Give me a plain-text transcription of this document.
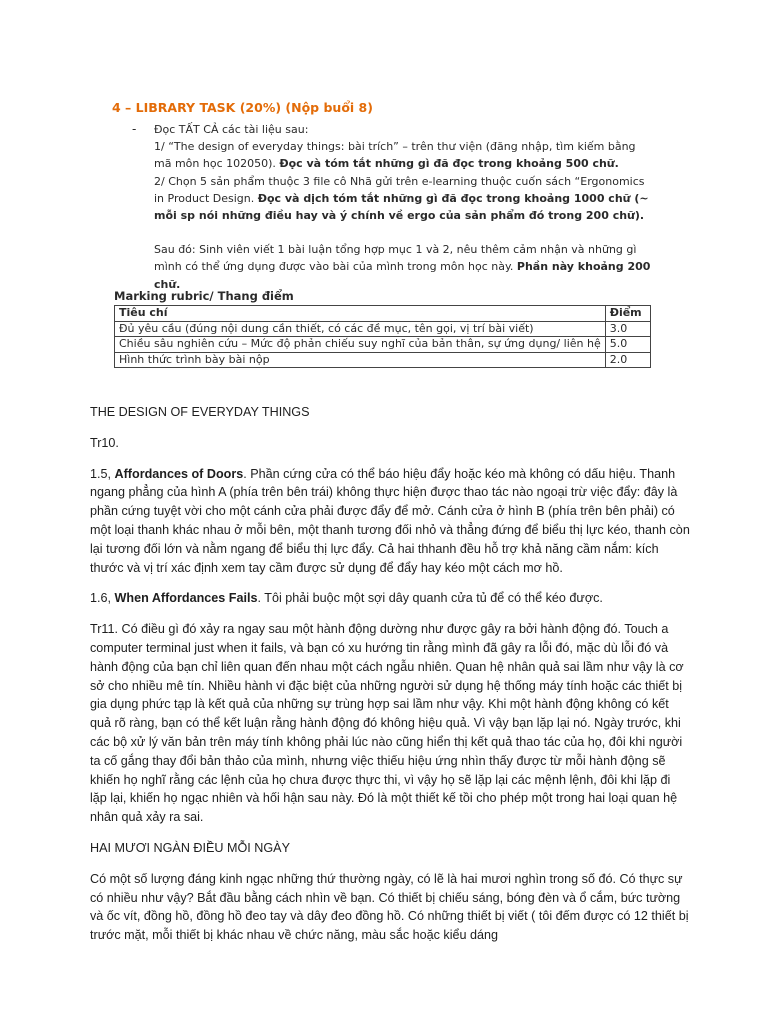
4 – LIBRARY TASK (20%) (Nộp buổi 8)

-	Đọc TẤT CẢ các tài liệu sau:

1/ “The design of everyday things: bài trích” – trên thư viện (đăng nhập, tìm kiếm bằng mã môn học 102050). Đọc và tóm tắt những gì đã đọc trong khoảng 500 chữ.

2/ Chọn 5 sản phẩm thuộc 3 file cô Nhã gửi trên e-learning thuộc cuốn sách “Ergonomics in Product Design. Đọc và dịch tóm tắt những gì đã đọc trong khoảng 1000 chữ (~ mỗi sp nói những điều hay và ý chính về ergo của sản phẩm đó trong 200 chữ).

Sau đó: Sinh viên viết 1 bài luận tổng hợp mục 1 và 2, nêu thêm cảm nhận và những gì mình có thể ứng dụng được vào bài của mình trong môn học này. Phần này khoảng 200 chữ.

Marking rubric/ Thang điểm
Tiêu chí	Điểm
Đủ yêu cầu (đúng nội dung cần thiết, có các đề mục, tên gọi, vị trí bài viết)	3.0
Chiều sâu nghiên cứu – Mức độ phản chiếu suy nghĩ của bản thân, sự ứng dụng/ liên hệ	5.0
Hình thức trình bày bài nộp	2.0

THE DESIGN OF EVERYDAY THINGS

Tr10.

1.5, Affordances of Doors. Phần cứng cửa có thể báo hiệu đẩy hoặc kéo mà không có dấu hiệu. Thanh ngang phẳng của hình A (phía trên bên trái) không thực hiện được thao tác nào ngoại trừ việc đẩy: đây là phần cứng tuyệt vời cho một cánh cửa phải được đẩy để mở. Cánh cửa ở hình B (phía trên bên phải) có một loại thanh khác nhau ở mỗi bên, một thanh tương đối nhỏ và thẳng đứng để biểu thị lực kéo, thanh còn lại tương đối lớn và nằm ngang để biểu thị lực đẩy. Cả hai thhanh đều hỗ trợ khả năng cầm nắm: kích thước và vị trí xác định xem tay cầm được sử dụng để đẩy hay kéo một cách mơ hồ.

1.6, When Affordances Fails. Tôi phải buộc một sợi dây quanh cửa tủ để có thể kéo được.

Tr11. Có điều gì đó xảy ra ngay sau một hành động dường như được gây ra bởi hành động đó. Touch a computer terminal just when it fails, và bạn có xu hướng tin rằng mình đã gây ra lỗi đó, mặc dù lỗi đó và hành động của bạn chỉ liên quan đến nhau một cách ngẫu nhiên. Quan hệ nhân quả sai lầm như vậy là cơ sở cho nhiều mê tín. Nhiều hành vi đặc biệt của những người sử dụng hệ thống máy tính hoặc các thiết bị gia dụng phức tạp là kết quả của những sự trùng hợp sai lầm như vậy. Khi một hành động không có kết quả rõ ràng, bạn có thể kết luận rằng hành động đó không hiệu quả. Vì vậy bạn lặp lại nó. Ngày trước, khi các bộ xử lý văn bản trên máy tính không phải lúc nào cũng hiển thị kết quả thao tác của họ, đôi khi người ta cố gắng thay đổi bản thảo của mình, nhưng việc thiếu hiệu ứng nhìn thấy được từ mỗi hành động sẽ khiến họ nghĩ rằng các lệnh của họ chưa được thực thi, vì vậy họ sẽ lặp lại các mệnh lệnh, đôi khi lặp đi lặp lại, khiến họ ngạc nhiên và hối hận sau này. Đó là một thiết kế tồi cho phép một trong hai loại quan hệ nhân quả xảy ra sai.

HAI MƯƠI NGÀN ĐIỀU MỖI NGÀY

Có một số lượng đáng kinh ngạc những thứ thường ngày, có lẽ là hai mươi nghìn trong số đó. Có thực sự có nhiều như vậy? Bắt đầu bằng cách nhìn về bạn. Có thiết bị chiếu sáng, bóng đèn và ổ cắm, bức tường và ốc vít, đồng hồ, đồng hồ đeo tay và dây đeo đồng hồ. Có những thiết bị viết ( tôi đếm được có 12 thiết bị trước mặt, mỗi thiết bị khác nhau về chức năng, màu sắc hoặc kiểu dáng
